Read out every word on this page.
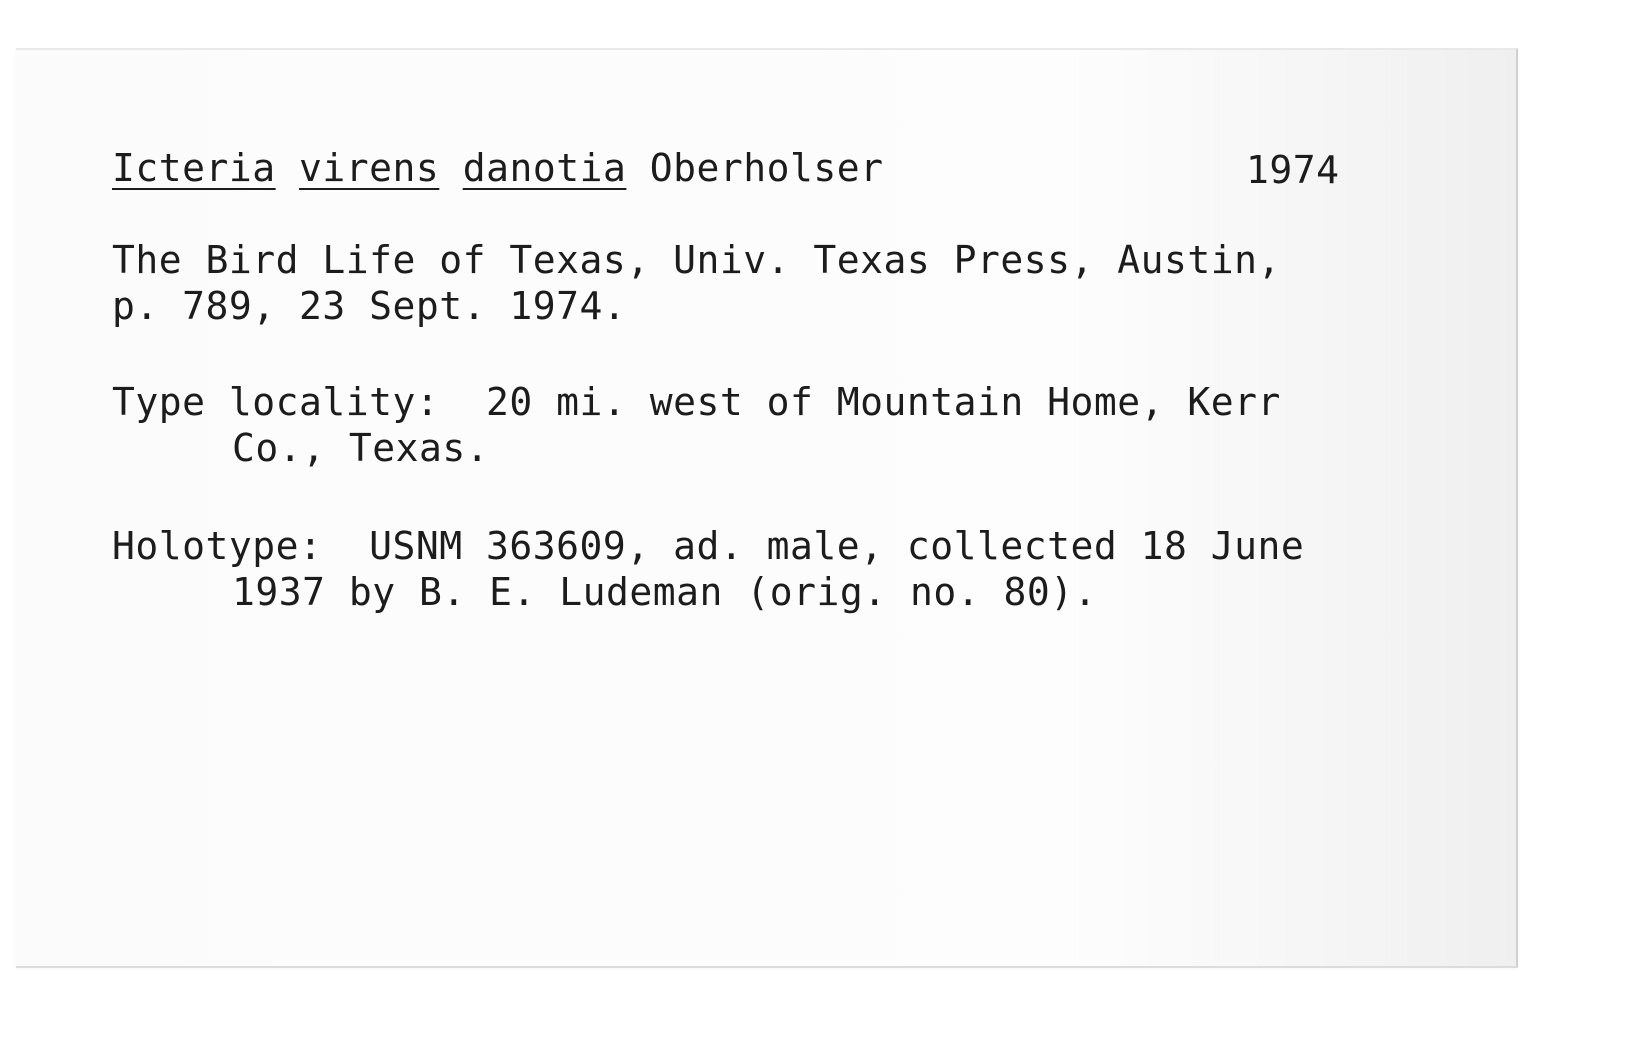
Icteria virens danotia Oberholser	1974
The Bird Life of Texas, Univ. Texas Press, Austin,
p. 789, 23 Sept. 1974.
Type locality:  20 mi. west of Mountain Home, Kerr
Co., Texas.
Holotype:  USNM 363609, ad. male, collected 18 June
1937 by B. E. Ludeman (orig. no. 80).
